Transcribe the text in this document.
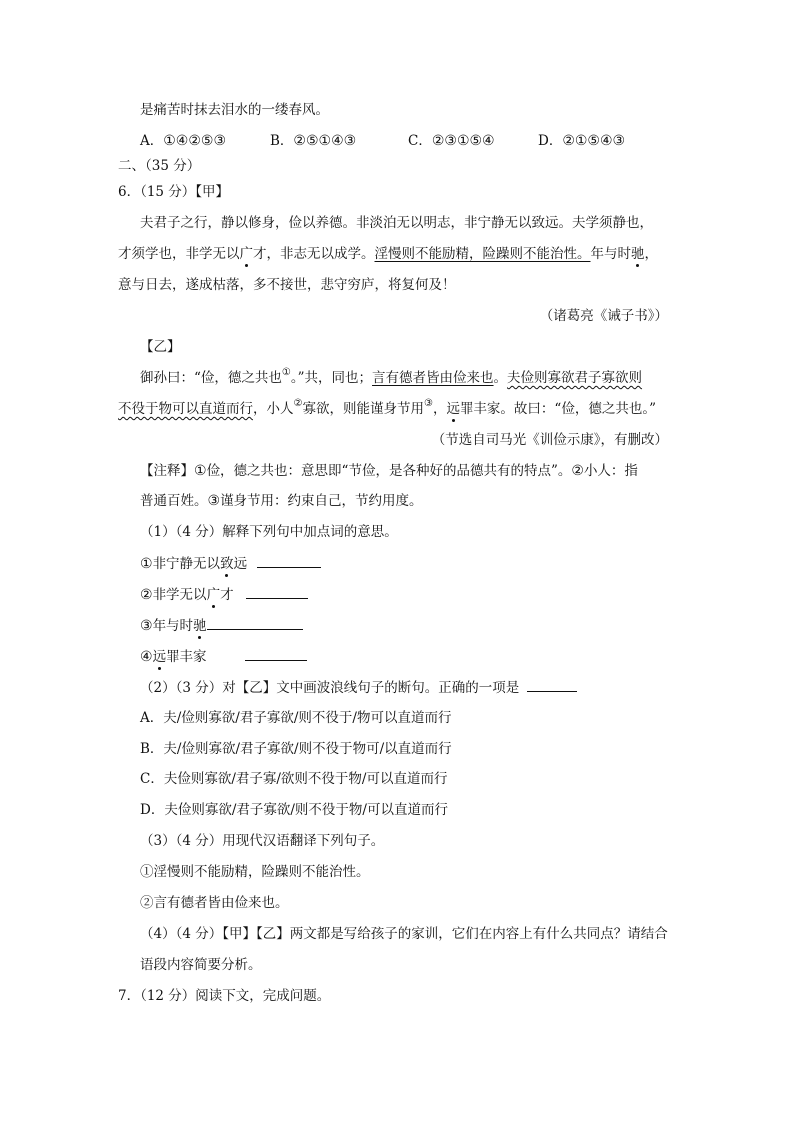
是痛苦时抹去泪水的一缕春风。
A．①④②⑤③	B．②⑤①④③	C．②③①⑤④	D．②①⑤④③
二、（35 分）
6．（15 分）【甲】
夫君子之行，静以修身，俭以养德。非淡泊无以明志，非宁静无以致远。夫学须静也，
才须学也，非学无以广才，非志无以成学。淫慢则不能励精，险躁则不能治性。年与时驰，
意与日去，遂成枯落，多不接世，悲守穷庐，将复何及！
（诸葛亮《诫子书》）
【乙】
御孙曰：“俭，德之共也①。”共，同也；言有德者皆由俭来也。夫俭则寡欲君子寡欲则
不役于物可以直道而行，小人②寡欲，则能谨身节用③，远罪丰家。故曰：“俭，德之共也。”
（节选自司马光《训俭示康》，有删改）
【注释】①俭，德之共也：意思即“节俭，是各种好的品德共有的特点”。②小人：指
普通百姓。③谨身节用：约束自己，节约用度。
（1）（4 分）解释下列句中加点词的意思。
①非宁静无以致远
②非学无以广才
③年与时驰
④远罪丰家
（2）（3 分）对【乙】文中画波浪线句子的断句。正确的一项是
A．夫/俭则寡欲/君子寡欲/则不役于/物可以直道而行
B．夫/俭则寡欲/君子寡欲/则不役于物可/以直道而行
C．夫俭则寡欲/君子寡/欲则不役于物/可以直道而行
D．夫俭则寡欲/君子寡欲/则不役于物/可以直道而行
（3）（4 分）用现代汉语翻译下列句子。
①淫慢则不能励精，险躁则不能治性。
②言有德者皆由俭来也。
（4）（4 分）【甲】【乙】两文都是写给孩子的家训，它们在内容上有什么共同点？请结合
语段内容简要分析。
7．（12 分）阅读下文，完成问题。
